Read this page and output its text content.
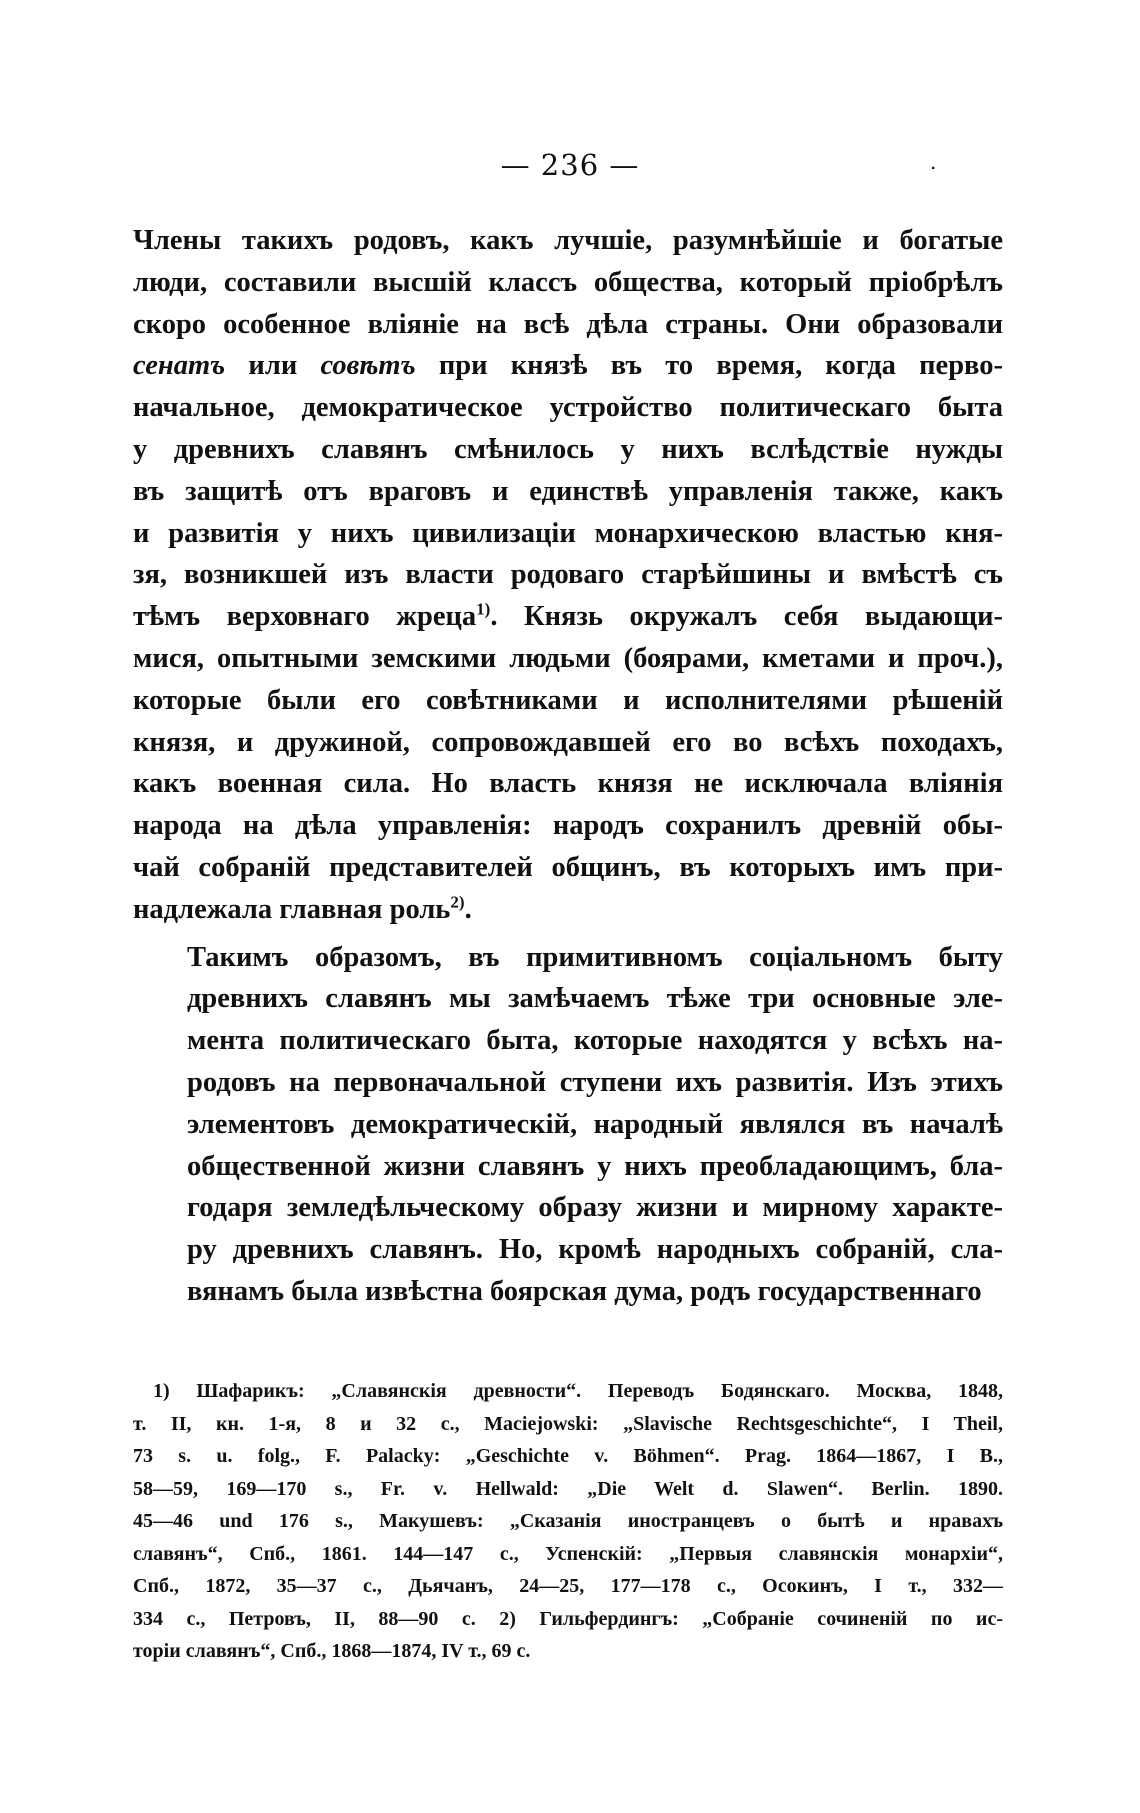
— 236 —	.

Члены такихъ родовъ, какъ лучшіе, разумнѣйшіе и богатые
люди, составили высшій классъ общества, который пріобрѣлъ
скоро особенное вліяніе на всѣ дѣла страны. Они образовали
сенатъ или совѣтъ при князѣ въ то время, когда перво-
начальное, демократическое устройство политическаго быта
у древнихъ славянъ смѣнилось у нихъ вслѣдствіе нужды
въ защитѣ отъ враговъ и единствѣ управленія также, какъ
и развитія у нихъ цивилизаціи монархическою властью кня-
зя, возникшей изъ власти родоваго старѣйшины и вмѣстѣ съ
тѣмъ верховнаго жреца$^{1)}$. Князь окружалъ себя выдающи-
мися, опытными земскими людьми (боярами, кметами и проч.),
которые были его совѣтниками и исполнителями рѣшеній
князя, и дружиной, сопровождавшей его во всѣхъ походахъ,
какъ военная сила. Но власть князя не исключала вліянія
народа на дѣла управленія: народъ сохранилъ древній обы-
чай собраній представителей общинъ, въ которыхъ имъ при-
надлежала главная роль$^{2)}$.

Такимъ образомъ, въ примитивномъ соціальномъ быту
древнихъ славянъ мы замѣчаемъ тѣже три основные эле-
мента политическаго быта, которые находятся у всѣхъ на-
родовъ на первоначальной ступени ихъ развитія. Изъ этихъ
элементовъ демократическій, народный являлся въ началѣ
общественной жизни славянъ у нихъ преобладающимъ, бла-
годаря земледѣльческому образу жизни и мирному характе-
ру древнихъ славянъ. Но, кромѣ народныхъ собраній, сла-
вянамъ была извѣстна боярская дума, родъ государственнаго

1) Шафарикъ: „Славянскія древности“. Переводъ Бодянскаго. Москва, 1848,
т. II, кн. 1-я, 8 и 32 с., Maciejowski: „Slavische Rechtsgeschichte“, I Theil,
73 s. u. folg., F. Palacky: „Geschichte v. Böhmen“. Prag. 1864—1867, I B.,
58—59, 169—170 s., Fr. v. Hellwald: „Die Welt d. Slawen“. Berlin. 1890.
45—46 und 176 s., Макушевъ: „Сказанія иностранцевъ о бытѣ и нравахъ
славянъ“, Спб., 1861. 144—147 с., Успенскій: „Первыя славянскія монархіи“,
Спб., 1872, 35—37 с., Дьячанъ, 24—25, 177—178 с., Осокинъ, I т., 332—
334 с., Петровъ, II, 88—90 с. 2) Гильфердингъ: „Собраніе сочиненій по ис-
торіи славянъ“, Спб., 1868—1874, IV т., 69 с.
